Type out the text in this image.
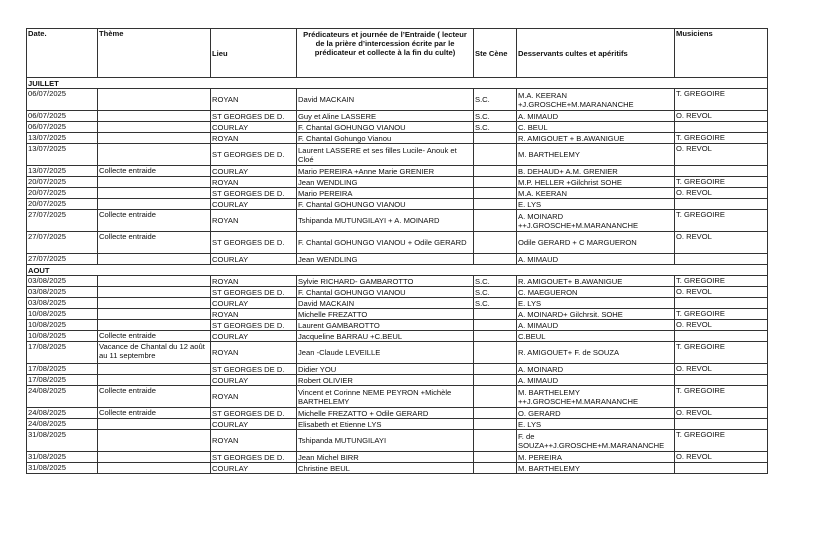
Date.	Thème	Lieu	Prédicateurs et journée de l’Entraide ( lecteur de la prière d’intercession écrite par le prédicateur et collecte à la fin du culte)	Ste Cène	Desservants cultes et apéritifs	Musiciens
JUILLET						
06/07/2025		ROYAN	David MACKAIN	S.C.	M.A. KEERAN +J.GROSCHE+M.MARANANCHE	T. GREGOIRE
06/07/2025		ST GEORGES DE D.	Guy et Aline LASSERE	S.C.	A. MIMAUD	O. REVOL
06/07/2025		COURLAY	F. Chantal GOHUNGO VIANOU	S.C.	C. BEUL	
13/07/2025		ROYAN	F. Chantal Gohungo Vianou		R. AMIGOUET + B.AWANIGUE	T. GREGOIRE
13/07/2025		ST GEORGES DE D.	Laurent LASSERE et ses filles Lucile- Anouk et Cloé		M. BARTHELEMY	O. REVOL
13/07/2025	Collecte entraide	COURLAY	Mario PEREIRA +Anne Marie GRENIER		B. DEHAUD+ A.M. GRENIER	
20/07/2025		ROYAN	Jean WENDLING		M.P. HELLER +Gilchrist SOHE	T. GREGOIRE
20/07/2025		ST GEORGES DE D.	Mario PEREIRA		M.A. KEERAN	O. REVOL
20/07/2025		COURLAY	F. Chantal GOHUNGO VIANOU		E. LYS	
27/07/2025	Collecte entraide	ROYAN	Tshipanda MUTUNGILAYI + A. MOINARD		A. MOINARD ++J.GROSCHE+M.MARANANCHE	T. GREGOIRE
27/07/2025	Collecte entraide	ST GEORGES DE D.	F. Chantal GOHUNGO VIANOU + Odile GERARD		Odile GERARD + C MARGUERON	O. REVOL
27/07/2025		COURLAY	Jean WENDLING		A. MIMAUD	
AOUT						
03/08/2025		ROYAN	Sylvie RICHARD- GAMBAROTTO	S.C.	R. AMIGOUET+ B.AWANIGUE	T. GREGOIRE
03/08/2025		ST GEORGES DE D.	F. Chantal GOHUNGO VIANOU	S.C.	C. MAEGUERON	O. REVOL
03/08/2025		COURLAY	David MACKAIN	S.C.	E. LYS	
10/08/2025		ROYAN	Michelle FREZATTO		A. MOINARD+ Gilchrsit. SOHE	T. GREGOIRE
10/08/2025		ST GEORGES DE D.	Laurent GAMBAROTTO		A. MIMAUD	O. REVOL
10/08/2025	Collecte entraide	COURLAY	Jacqueline BARRAU +C.BEUL		C.BEUL	
17/08/2025	Vacance de Chantal du 12 août au 11 septembre	ROYAN	Jean -Claude LEVEILLE		R. AMIGOUET+ F. de SOUZA	T. GREGOIRE
17/08/2025		ST GEORGES DE D.	Didier YOU		A. MOINARD	O. REVOL
17/08/2025		COURLAY	Robert OLIVIER		A. MIMAUD	
24/08/2025	Collecte entraide	ROYAN	Vincent et Corinne NEME PEYRON +Michèle BARTHELEMY		M. BARTHELEMY ++J.GROSCHE+M.MARANANCHE	T. GREGOIRE
24/08/2025	Collecte entraide	ST GEORGES DE D.	Michelle FREZATTO + Odile GERARD		O. GERARD	O. REVOL
24/08/2025		COURLAY	Elisabeth et Etienne LYS		E. LYS	
31/08/2025		ROYAN	Tshipanda MUTUNGILAYI		F. de SOUZA++J.GROSCHE+M.MARANANCHE	T. GREGOIRE
31/08/2025		ST GEORGES DE D.	Jean Michel BIRR		M. PEREIRA	O. REVOL
31/08/2025		COURLAY	Christine BEUL		M. BARTHELEMY	
